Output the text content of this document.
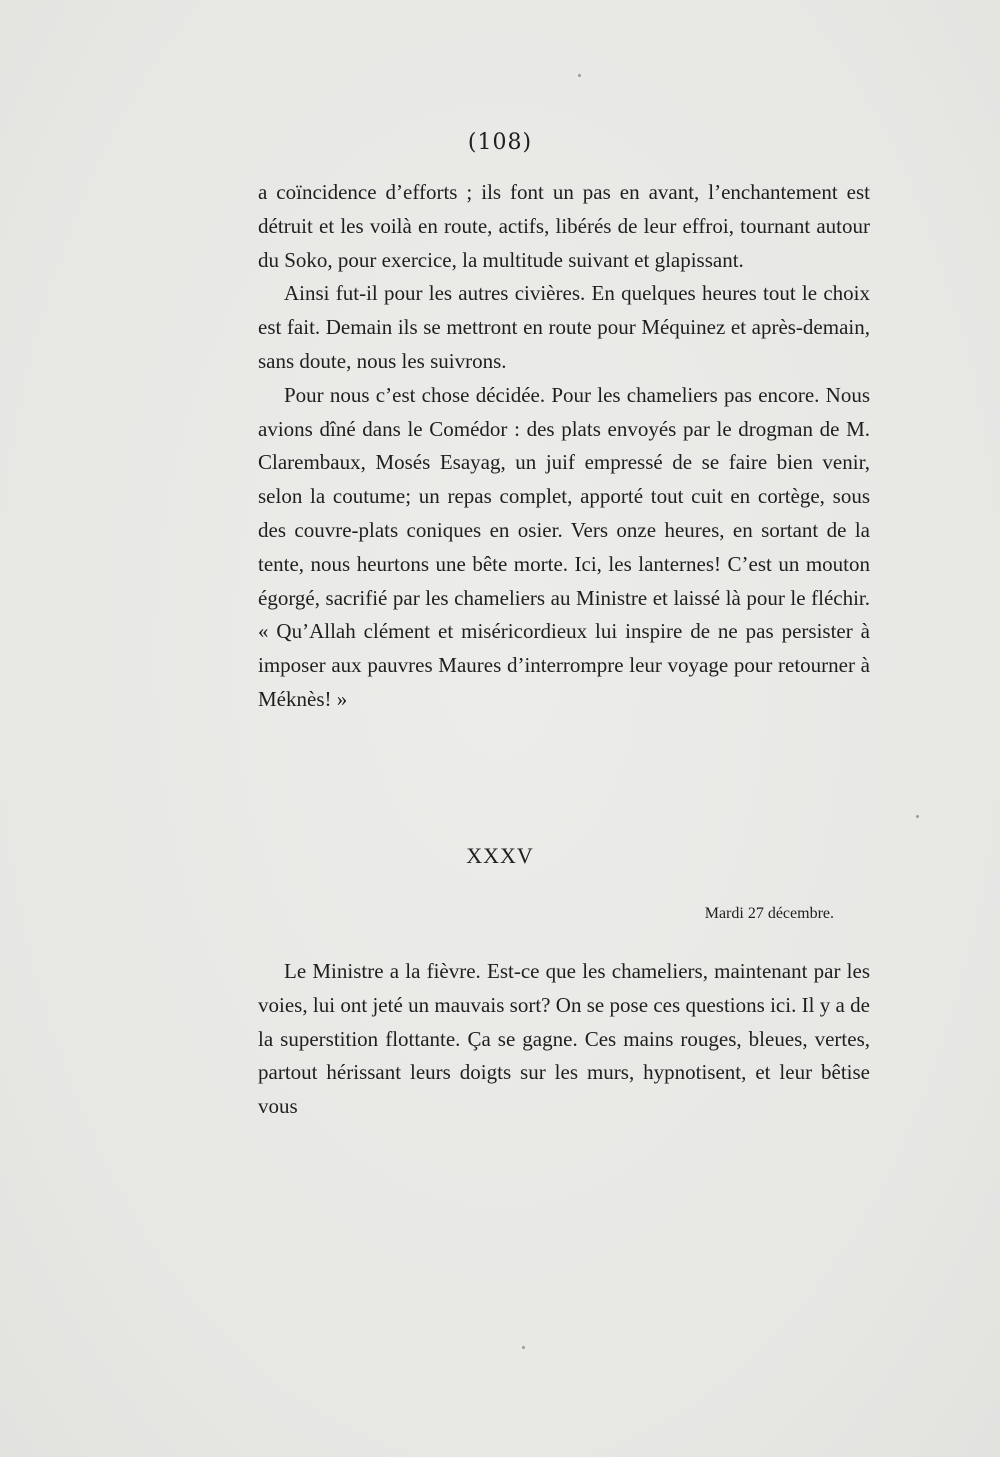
(108)

a coïncidence d’efforts ; ils font un pas en avant, l’enchantement est détruit et les voilà en route, actifs, libérés de leur effroi, tournant autour du Soko, pour exercice, la multitude suivant et glapissant.

Ainsi fut-il pour les autres civières. En quelques heures tout le choix est fait. Demain ils se mettront en route pour Méquinez et après-demain, sans doute, nous les suivrons.

Pour nous c’est chose décidée. Pour les chameliers pas encore. Nous avions dîné dans le Comédor : des plats envoyés par le drogman de M. Clarembaux, Mosés Esayag, un juif empressé de se faire bien venir, selon la coutume; un repas complet, apporté tout cuit en cortège, sous des couvre-plats coniques en osier. Vers onze heures, en sortant de la tente, nous heurtons une bête morte. Ici, les lanternes! C’est un mouton égorgé, sacrifié par les chameliers au Ministre et laissé là pour le fléchir. « Qu’Allah clément et miséricordieux lui inspire de ne pas persister à imposer aux pauvres Maures d’interrompre leur voyage pour retourner à Méknès! »

XXXV
Mardi 27 décembre.

Le Ministre a la fièvre. Est-ce que les chameliers, maintenant par les voies, lui ont jeté un mauvais sort? On se pose ces questions ici. Il y a de la superstition flottante. Ça se gagne. Ces mains rouges, bleues, vertes, partout hérissant leurs doigts sur les murs, hypnotisent, et leur bêtise vous
